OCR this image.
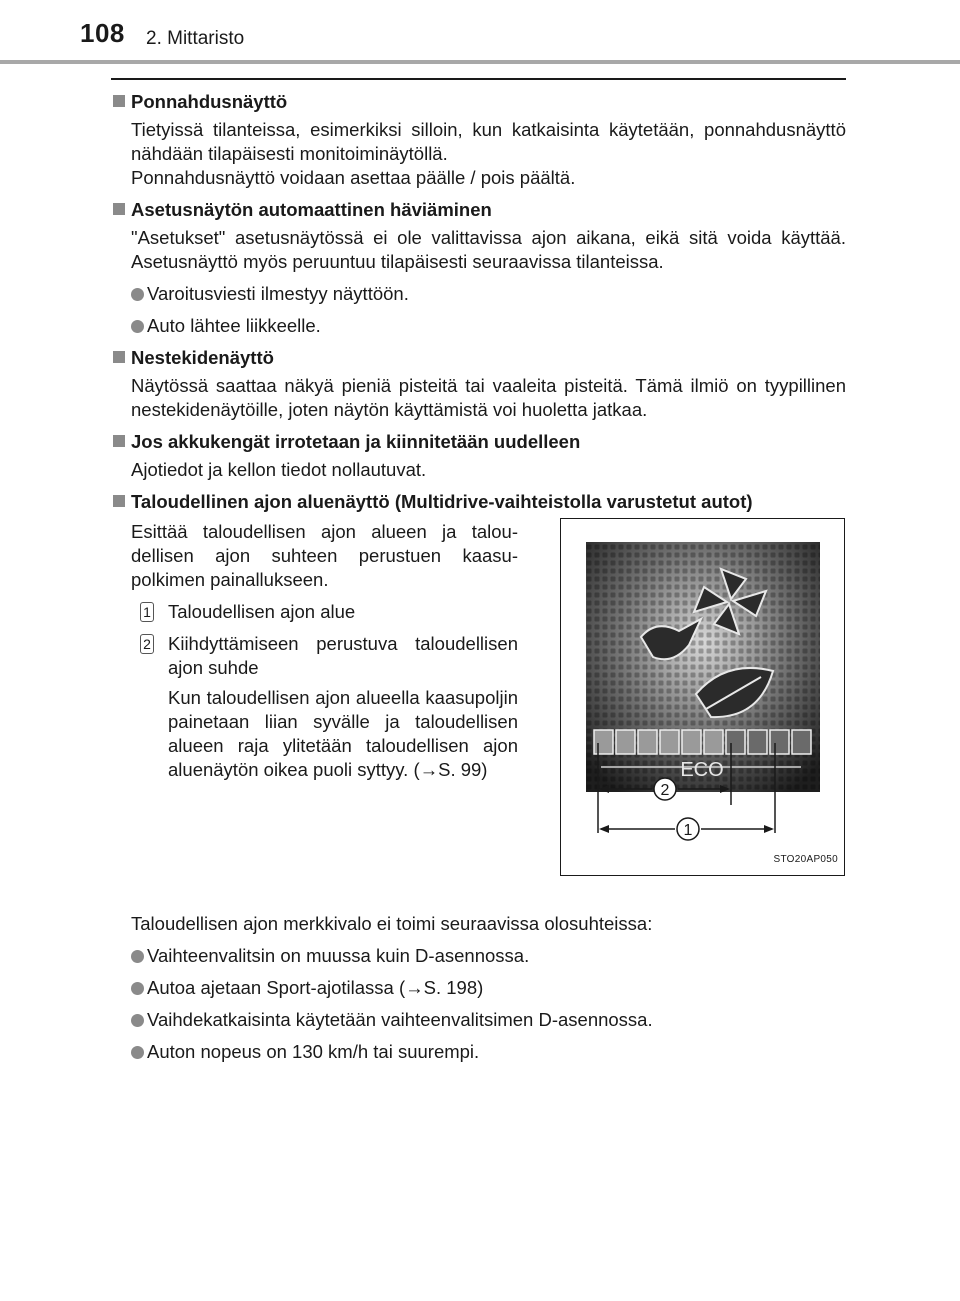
108 2. Mittaristo
Ponnahdusnäyttö
Tietyissä tilanteissa, esimerkiksi silloin, kun katkaisinta käytetään, ponnahdusnäyttö nähdään tilapäisesti monitoiminäytöllä.
Ponnahdusnäyttö voidaan asettaa päälle / pois päältä.
Asetusnäytön automaattinen häviäminen
"Asetukset" asetusnäytössä ei ole valittavissa ajon aikana, eikä sitä voida käyttää. Asetusnäyttö myös peruuntuu tilapäisesti seuraavissa tilanteissa.
Varoitusviesti ilmestyy näyttöön.
Auto lähtee liikkeelle.
Nestekidenäyttö
Näytössä saattaa näkyä pieniä pisteitä tai vaaleita pisteitä. Tämä ilmiö on tyypillinen nestekidenäytöille, joten näytön käyttämistä voi huoletta jatkaa.
Jos akkukengät irrotetaan ja kiinnitetään uudelleen
Ajotiedot ja kellon tiedot nollautuvat.
Taloudellinen ajon aluenäyttö (Multidrive-vaihteistolla varustetut autot)
Esittää taloudellisen ajon alueen ja taloudellisen ajon suhteen perustuen kaasupolkimen painallukseen.
1 Taloudellisen ajon alue
2 Kiihdyttämiseen perustuva taloudellisen ajon suhde
Kun taloudellisen ajon alueella kaasupoljin painetaan liian syvälle ja taloudellisen alueen raja ylitetään taloudellisen ajon aluenäytön oikea puoli syttyy. (→S. 99)	ECO
2
1
STO20AP050
Taloudellisen ajon merkkivalo ei toimi seuraavissa olosuhteissa:
Vaihteenvalitsin on muussa kuin D-asennossa.
Autoa ajetaan Sport-ajotilassa (→S. 198)
Vaihdekatkaisinta käytetään vaihteenvalitsimen D-asennossa.
Auton nopeus on 130 km/h tai suurempi.
